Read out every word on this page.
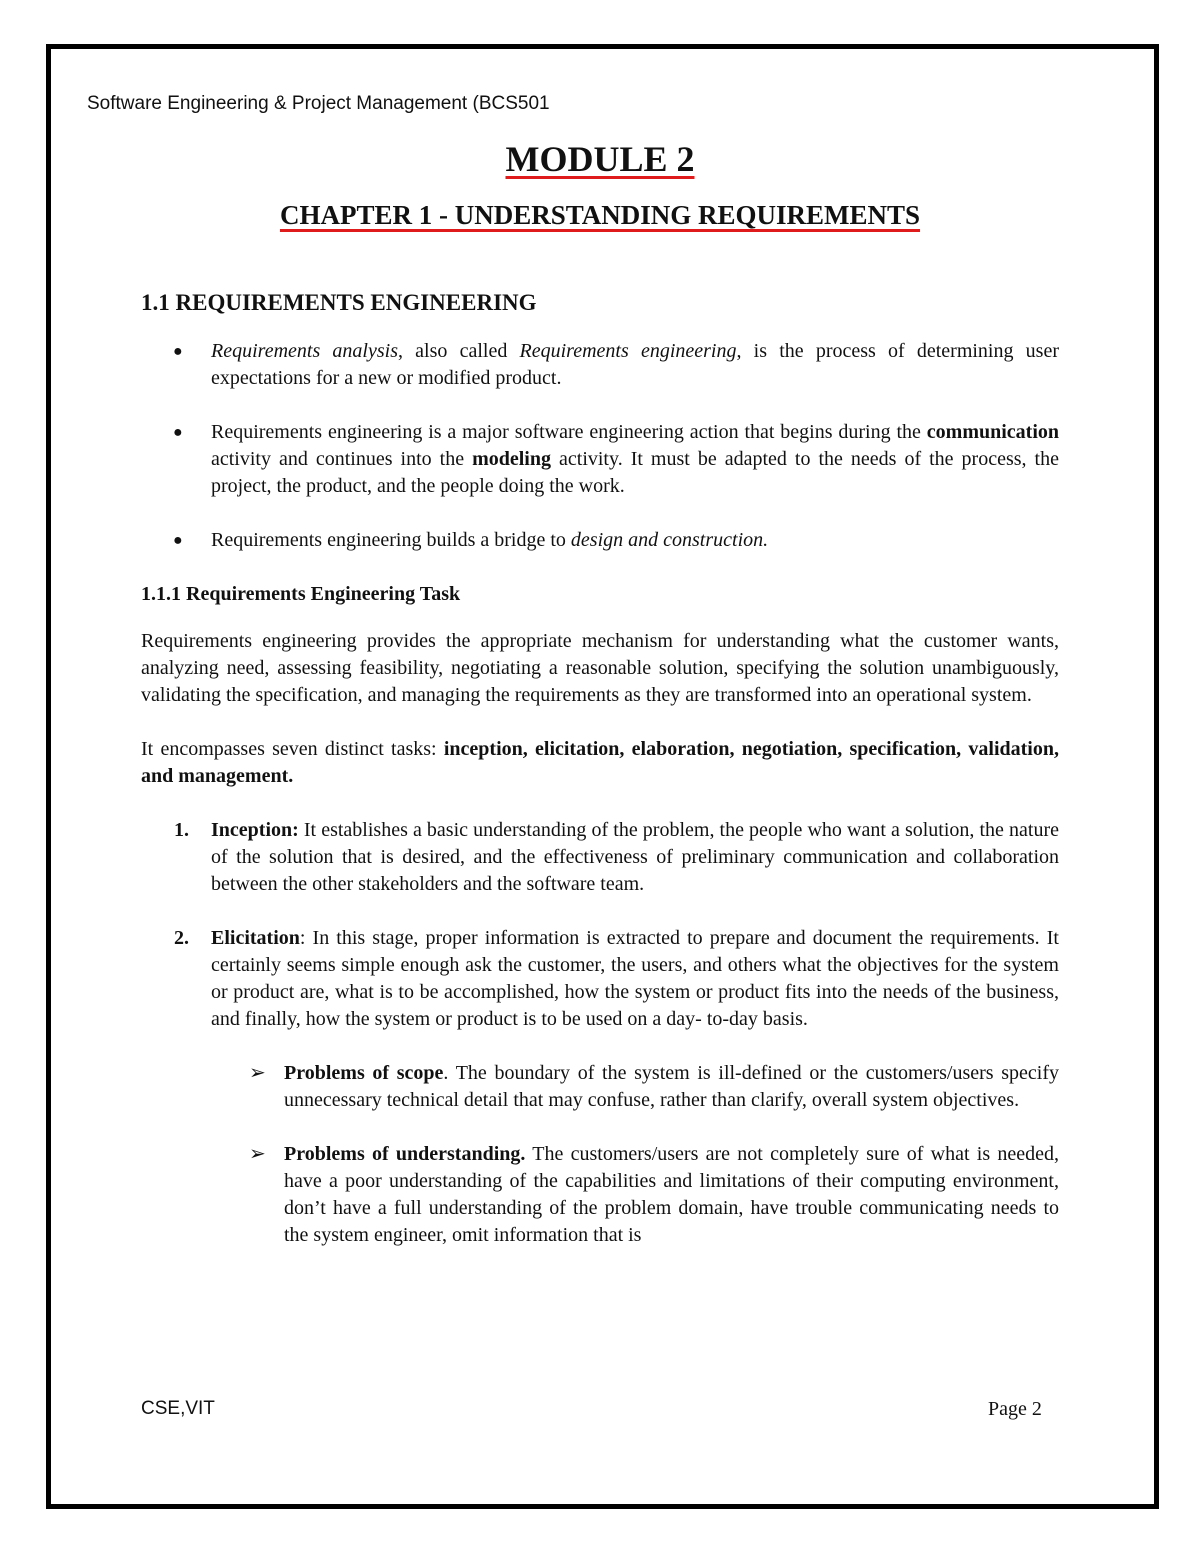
Software Engineering & Project Management (BCS501
MODULE 2
CHAPTER 1 - UNDERSTANDING REQUIREMENTS
1.1 REQUIREMENTS ENGINEERING
● Requirements analysis, also called Requirements engineering, is the process of determining user expectations for a new or modified product.
● Requirements engineering is a major software engineering action that begins during the communication activity and continues into the modeling activity. It must be adapted to the needs of the process, the project, the product, and the people doing the work.
● Requirements engineering builds a bridge to design and construction.
1.1.1 Requirements Engineering Task

Requirements engineering provides the appropriate mechanism for understanding what the customer wants, analyzing need, assessing feasibility, negotiating a reasonable solution, specifying the solution unambiguously, validating the specification, and managing the requirements as they are transformed into an operational system.

It encompasses seven distinct tasks: inception, elicitation, elaboration, negotiation, specification, validation, and management.

1. Inception: It establishes a basic understanding of the problem, the people who want a solution, the nature of the solution that is desired, and the effectiveness of preliminary communication and collaboration between the other stakeholders and the software team.
2. Elicitation: In this stage, proper information is extracted to prepare and document the requirements. It certainly seems simple enough ask the customer, the users, and others what the objectives for the system or product are, what is to be accomplished, how the system or product fits into the needs of the business, and finally, how the system or product is to be used on a day- to-day basis.
➢ Problems of scope. The boundary of the system is ill-defined or the customers/users specify unnecessary technical detail that may confuse, rather than clarify, overall system objectives.
➢ Problems of understanding. The customers/users are not completely sure of what is needed, have a poor understanding of the capabilities and limitations of their computing environment, don’t have a full understanding of the problem domain, have trouble communicating needs to the system engineer, omit information that is
CSE,VIT	Page 2
